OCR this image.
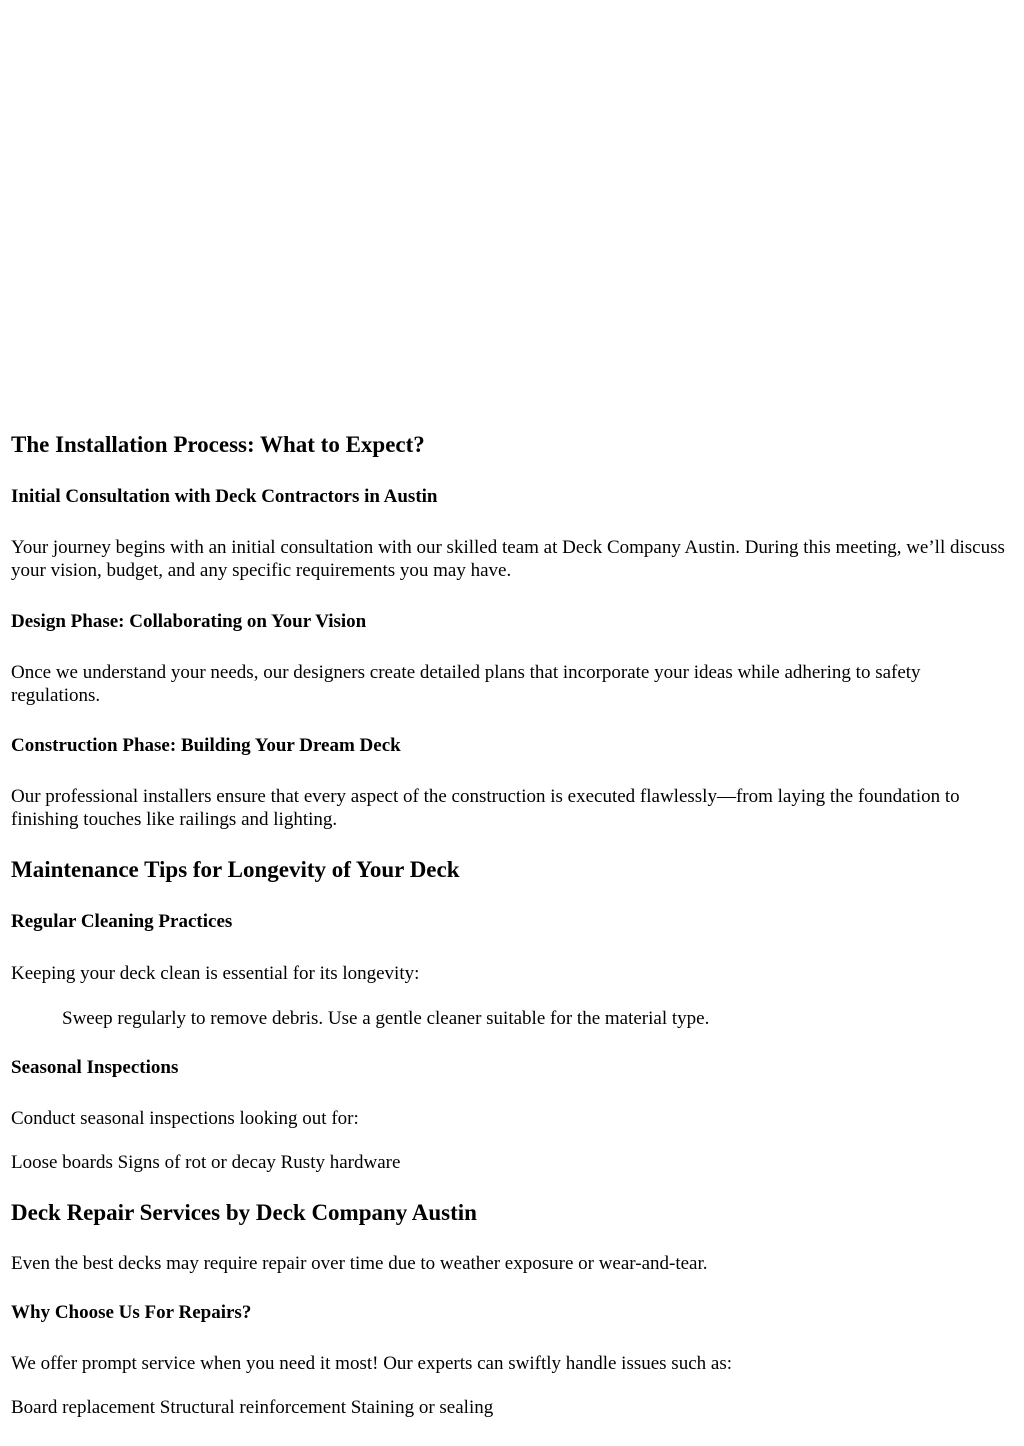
The Installation Process: What to Expect?
Initial Consultation with Deck Contractors in Austin

Your journey begins with an initial consultation with our skilled team at Deck Company Austin. During this meeting, we’ll discuss your vision, budget, and any specific requirements you may have.

Design Phase: Collaborating on Your Vision

Once we understand your needs, our designers create detailed plans that incorporate your ideas while adhering to safety regulations.

Construction Phase: Building Your Dream Deck

Our professional installers ensure that every aspect of the construction is executed flawlessly—from laying the foundation to finishing touches like railings and lighting.

Maintenance Tips for Longevity of Your Deck
Regular Cleaning Practices

Keeping your deck clean is essential for its longevity:

Sweep regularly to remove debris. Use a gentle cleaner suitable for the material type.

Seasonal Inspections

Conduct seasonal inspections looking out for:

Loose boards Signs of rot or decay Rusty hardware

Deck Repair Services by Deck Company Austin

Even the best decks may require repair over time due to weather exposure or wear-and-tear.

Why Choose Us For Repairs?

We offer prompt service when you need it most! Our experts can swiftly handle issues such as:

Board replacement Structural reinforcement Staining or sealing
